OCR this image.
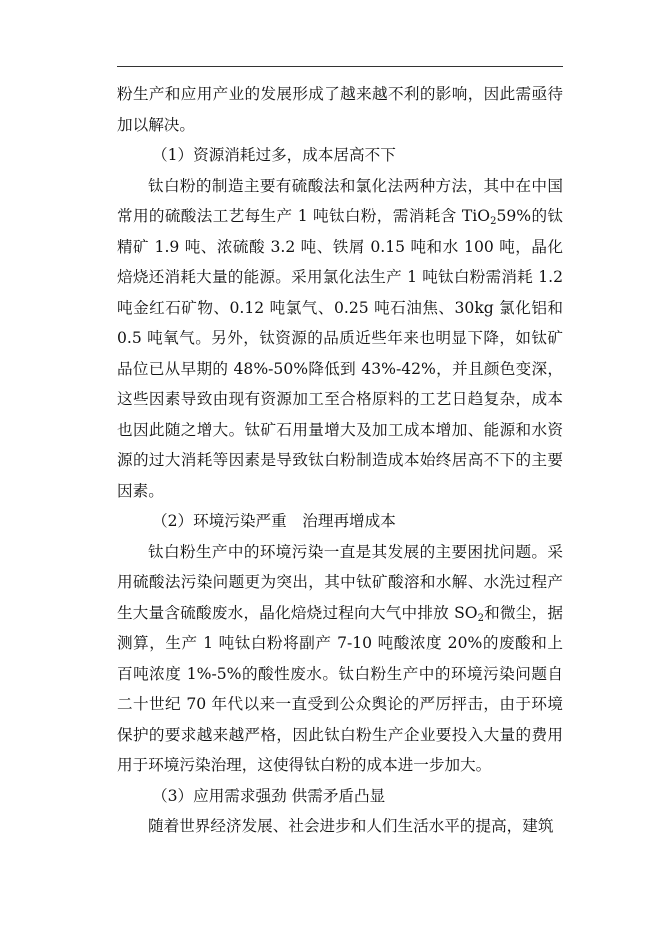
粉生产和应用产业的发展形成了越来越不利的影响，因此需亟待加以解决。

（1）资源消耗过多，成本居高不下

钛白粉的制造主要有硫酸法和氯化法两种方法，其中在中国常用的硫酸法工艺每生产 1 吨钛白粉，需消耗含 TiO$_2$59%的钛精矿 1.9 吨、浓硫酸 3.2 吨、铁屑 0.15 吨和水 100 吨，晶化焙烧还消耗大量的能源。采用氯化法生产 1 吨钛白粉需消耗 1.2 吨金红石矿物、0.12 吨氯气、0.25 吨石油焦、30kg 氯化铝和 0.5 吨氧气。另外，钛资源的品质近些年来也明显下降，如钛矿品位已从早期的 48%-50%降低到 43%-42%，并且颜色变深，这些因素导致由现有资源加工至合格原料的工艺日趋复杂，成本也因此随之增大。钛矿石用量增大及加工成本增加、能源和水资源的过大消耗等因素是导致钛白粉制造成本始终居高不下的主要因素。

（2）环境污染严重　治理再增成本

钛白粉生产中的环境污染一直是其发展的主要困扰问题。采用硫酸法污染问题更为突出，其中钛矿酸溶和水解、水洗过程产生大量含硫酸废水，晶化焙烧过程向大气中排放 $SO_2$和微尘，据测算，生产 1 吨钛白粉将副产 7-10 吨酸浓度 20%的废酸和上百吨浓度 1%-5%的酸性废水。钛白粉生产中的环境污染问题自二十世纪 70 年代以来一直受到公众舆论的严厉抨击，由于环境保护的要求越来越严格，因此钛白粉生产企业要投入大量的费用用于环境污染治理，这使得钛白粉的成本进一步加大。

（3）应用需求强劲 供需矛盾凸显

随着世界经济发展、社会进步和人们生活水平的提高，建筑
